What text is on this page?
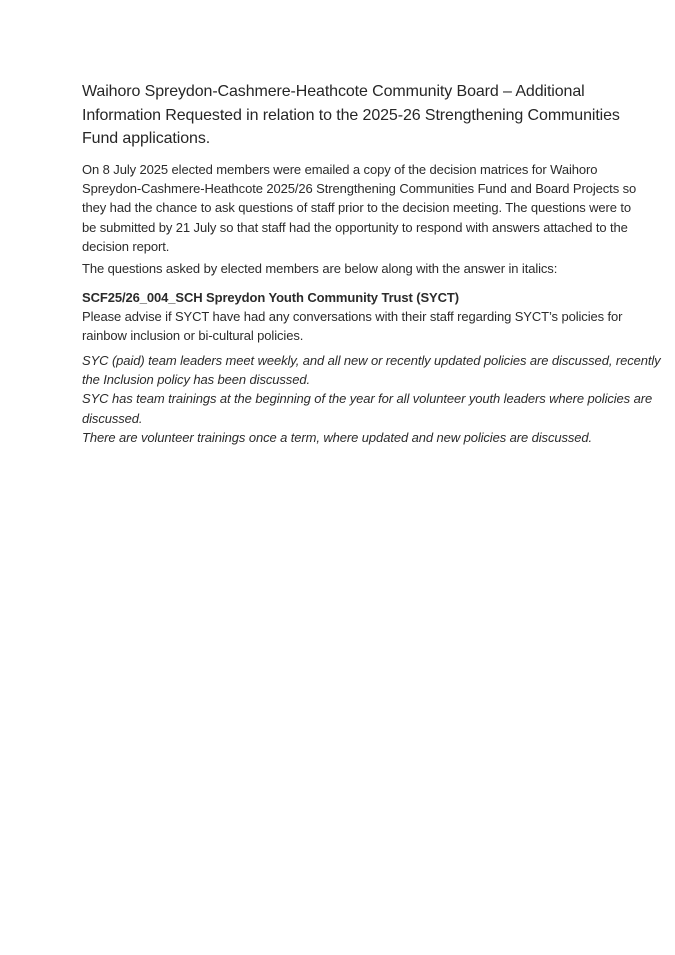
Waihoro Spreydon-Cashmere-Heathcote Community Board – Additional
Information Requested in relation to the 2025-26 Strengthening Communities
Fund applications.
On 8 July 2025 elected members were emailed a copy of the decision matrices for Waihoro
Spreydon-Cashmere-Heathcote 2025/26 Strengthening Communities Fund and Board Projects so
they had the chance to ask questions of staff prior to the decision meeting. The questions were to
be submitted by 21 July so that staff had the opportunity to respond with answers attached to the
decision report.
The questions asked by elected members are below along with the answer in italics:
SCF25/26_004_SCH Spreydon Youth Community Trust (SYCT)
Please advise if SYCT have had any conversations with their staff regarding SYCT’s policies for
rainbow inclusion or bi-cultural policies.
SYC (paid) team leaders meet weekly, and all new or recently updated policies are discussed, recently
the Inclusion policy has been discussed.
SYC has team trainings at the beginning of the year for all volunteer youth leaders where policies are
discussed.
There are volunteer trainings once a term, where updated and new policies are discussed.
